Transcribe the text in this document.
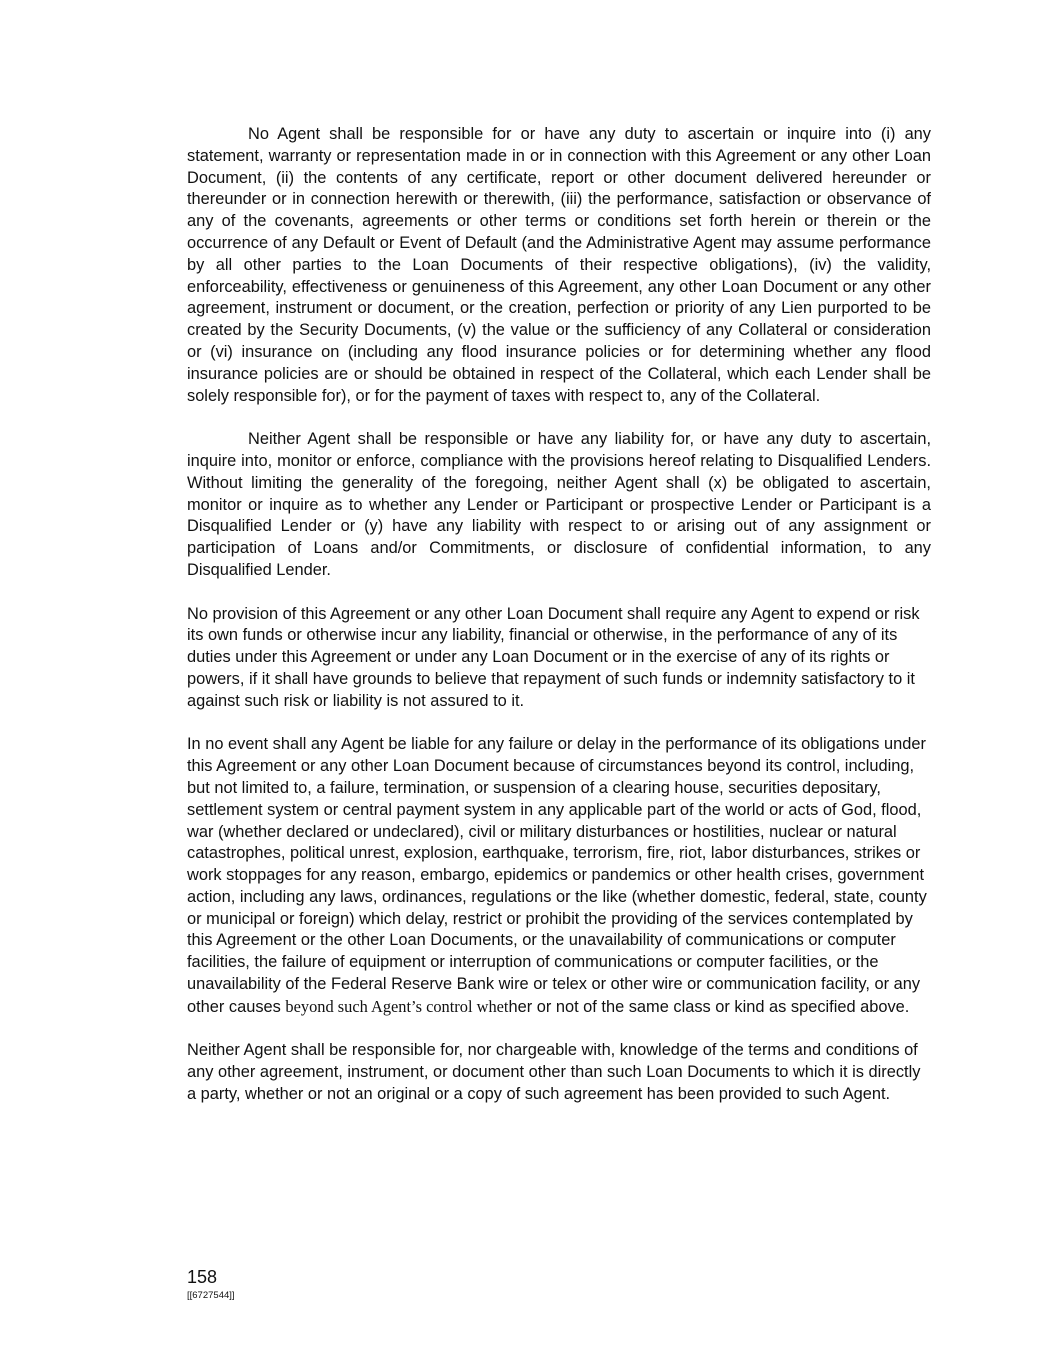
No Agent shall be responsible for or have any duty to ascertain or inquire into (i) any statement, warranty or representation made in or in connection with this Agreement or any other Loan Document, (ii) the contents of any certificate, report or other document delivered hereunder or thereunder or in connection herewith or therewith, (iii) the performance, satisfaction or observance of any of the covenants, agreements or other terms or conditions set forth herein or therein or the occurrence of any Default or Event of Default (and the Administrative Agent may assume performance by all other parties to the Loan Documents of their respective obligations), (iv) the validity, enforceability, effectiveness or genuineness of this Agreement, any other Loan Document or any other agreement, instrument or document, or the creation, perfection or priority of any Lien purported to be created by the Security Documents, (v) the value or the sufficiency of any Collateral or consideration or (vi) insurance on (including any flood insurance policies or for determining whether any flood insurance policies are or should be obtained in respect of the Collateral, which each Lender shall be solely responsible for), or for the payment of taxes with respect to, any of the Collateral.

Neither Agent shall be responsible or have any liability for, or have any duty to ascertain, inquire into, monitor or enforce, compliance with the provisions hereof relating to Disqualified Lenders. Without limiting the generality of the foregoing, neither Agent shall (x) be obligated to ascertain, monitor or inquire as to whether any Lender or Participant or prospective Lender or Participant is a Disqualified Lender or (y) have any liability with respect to or arising out of any assignment or participation of Loans and/or Commitments, or disclosure of confidential information, to any Disqualified Lender.

No provision of this Agreement or any other Loan Document shall require any Agent to expend or risk its own funds or otherwise incur any liability, financial or otherwise, in the performance of any of its duties under this Agreement or under any Loan Document or in the exercise of any of its rights or powers, if it shall have grounds to believe that repayment of such funds or indemnity satisfactory to it against such risk or liability is not assured to it.

In no event shall any Agent be liable for any failure or delay in the performance of its obligations under this Agreement or any other Loan Document because of circumstances beyond its control, including, but not limited to, a failure, termination, or suspension of a clearing house, securities depositary, settlement system or central payment system in any applicable part of the world or acts of God, flood, war (whether declared or undeclared), civil or military disturbances or hostilities, nuclear or natural catastrophes, political unrest, explosion, earthquake, terrorism, fire, riot, labor disturbances, strikes or work stoppages for any reason, embargo, epidemics or pandemics or other health crises, government action, including any laws, ordinances, regulations or the like (whether domestic, federal, state, county or municipal or foreign) which delay, restrict or prohibit the providing of the services contemplated by this Agreement or the other Loan Documents, or the unavailability of communications or computer facilities, the failure of equipment or interruption of communications or computer facilities, or the unavailability of the Federal Reserve Bank wire or telex or other wire or communication facility, or any other causes beyond such Agent’s control whether or not of the same class or kind as specified above.

Neither Agent shall be responsible for, nor chargeable with, knowledge of the terms and conditions of any other agreement, instrument, or document other than such Loan Documents to which it is directly a party, whether or not an original or a copy of such agreement has been provided to such Agent.

158
[[6727544]]
